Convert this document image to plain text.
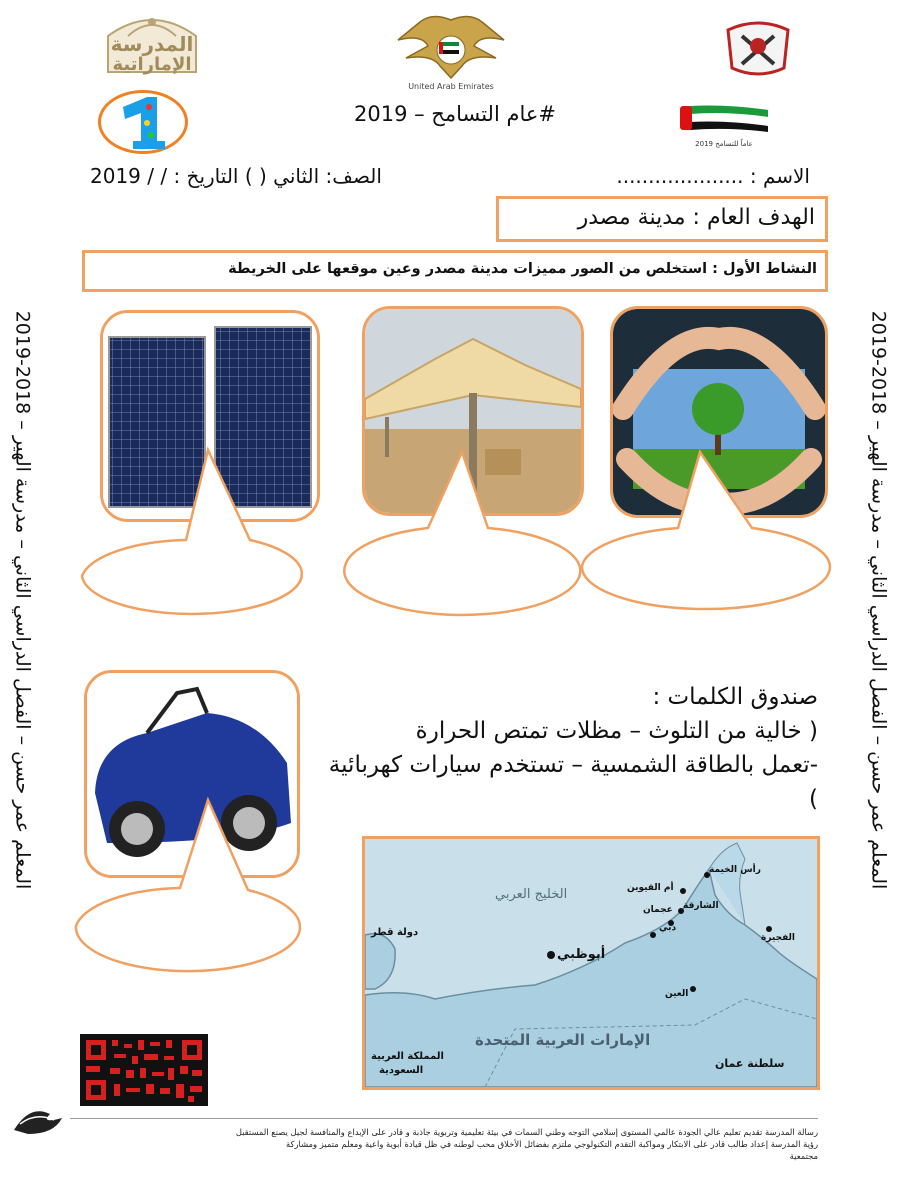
المعلم عمر حسن – الفصل الدراسي الثاني – مدرسة الهير – 2018-2019
المعلم عمر حسن – الفصل الدراسي الثاني – مدرسة الهير – 2018-2019
المدرسة
الإماراتية
United Arab Emirates
#عام التسامح – 2019
عاماً للتسامح 2019
الاسم : ....................
الصف: الثاني ( ) التاريخ : / / 2019
الهدف العام : مدينة مصدر
النشاط الأول : استخلص من الصور مميزات مدينة مصدر وعين موقعها على الخريطة
صندوق الكلمات :
( خالية من التلوث – مظلات تمتص الحرارة
-تعمل بالطاقة الشمسية – تستخدم سيارات كهربائية
)
الخليج العربي
دولة قطر
أبوظبي
الإمارات العربية المتحدة
المملكة العربية
السعودية
سلطنة عمان
رأس الخيمة
أم القيوين
عجمان الشارقة
دبي
الفجيرة
العين
رسالة المدرسة تقديم تعليم عالي الجودة عالمي المستوى إسلامي التوجه وطني السمات في بيئة تعليمية وتربوية جاذبة و قادر على الإبداع والمنافسة لجيل يصنع المستقبل
رؤية المدرسة إعداد طالب قادر على الابتكار ومواكبة التقدم التكنولوجي ملتزم بفضائل الأخلاق محب لوطنه في ظل قيادة أبوية واعية ومعلم متميز ومشاركة
مجتمعية
